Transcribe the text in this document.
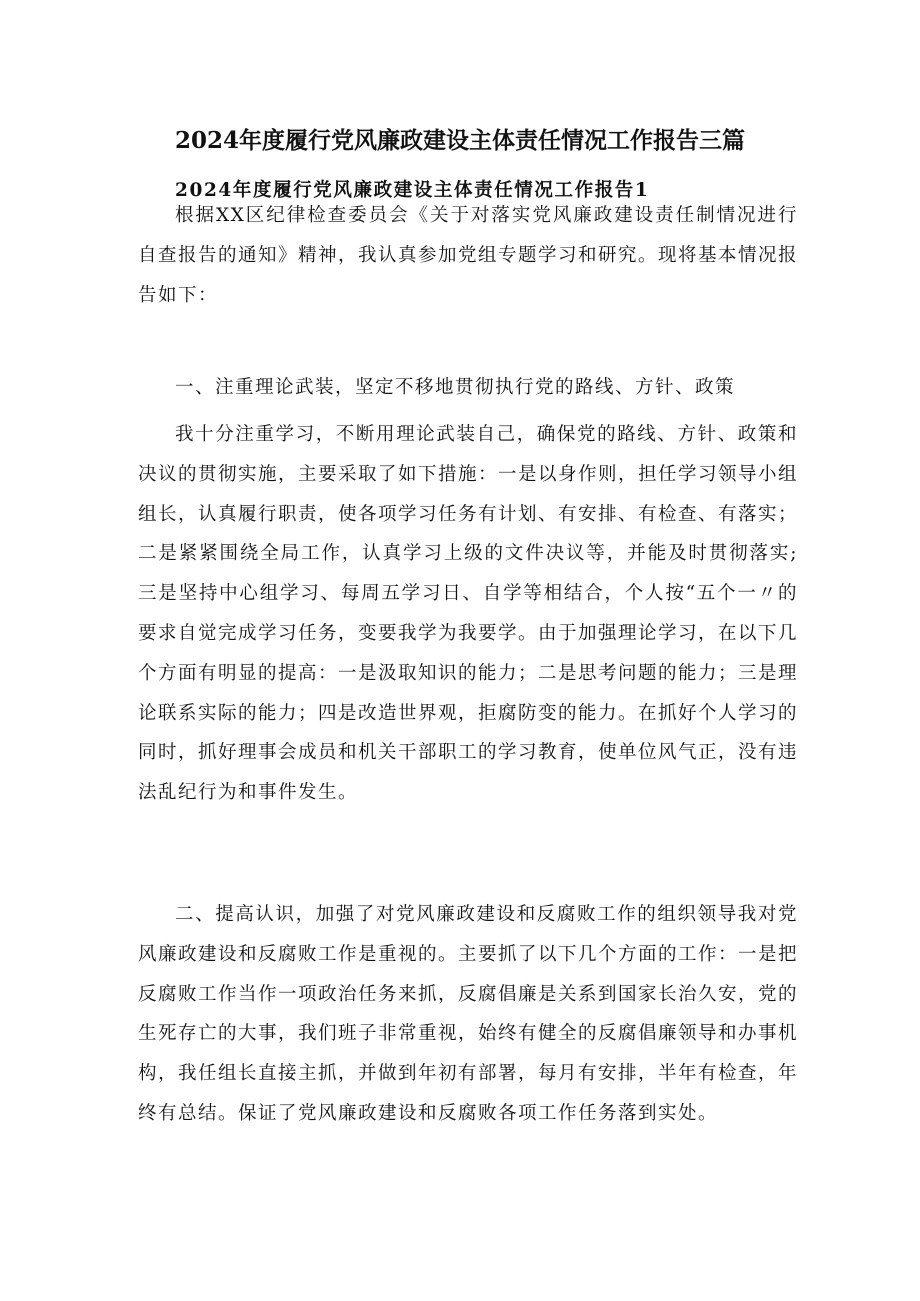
2024年度履行党风廉政建设主体责任情况工作报告三篇
2024年度履行党风廉政建设主体责任情况工作报告1

根据XX区纪律检查委员会《关于对落实党风廉政建设责任制情况进行自查报告的通知》精神，我认真参加党组专题学习和研究。现将基本情况报告如下：

一、注重理论武装，坚定不移地贯彻执行党的路线、方针、政策

我十分注重学习，不断用理论武装自己，确保党的路线、方针、政策和决议的贯彻实施，主要采取了如下措施：一是以身作则，担任学习领导小组组长，认真履行职责，使各项学习任务有计划、有安排、有检查、有落实；二是紧紧围绕全局工作，认真学习上级的文件决议等，并能及时贯彻落实;三是坚持中心组学习、每周五学习日、自学等相结合，个人按“五个一〃的要求自觉完成学习任务，变要我学为我要学。由于加强理论学习，在以下几个方面有明显的提高：一是汲取知识的能力；二是思考问题的能力；三是理论联系实际的能力；四是改造世界观，拒腐防变的能力。在抓好个人学习的同时，抓好理事会成员和机关干部职工的学习教育，使单位风气正，没有违法乱纪行为和事件发生。

二、提高认识，加强了对党风廉政建设和反腐败工作的组织领导我对党风廉政建设和反腐败工作是重视的。主要抓了以下几个方面的工作：一是把反腐败工作当作一项政治任务来抓，反腐倡廉是关系到国家长治久安，党的生死存亡的大事，我们班子非常重视，始终有健全的反腐倡廉领导和办事机构，我任组长直接主抓，并做到年初有部署，每月有安排，半年有检查，年终有总结。保证了党风廉政建设和反腐败各项工作任务落到实处。
